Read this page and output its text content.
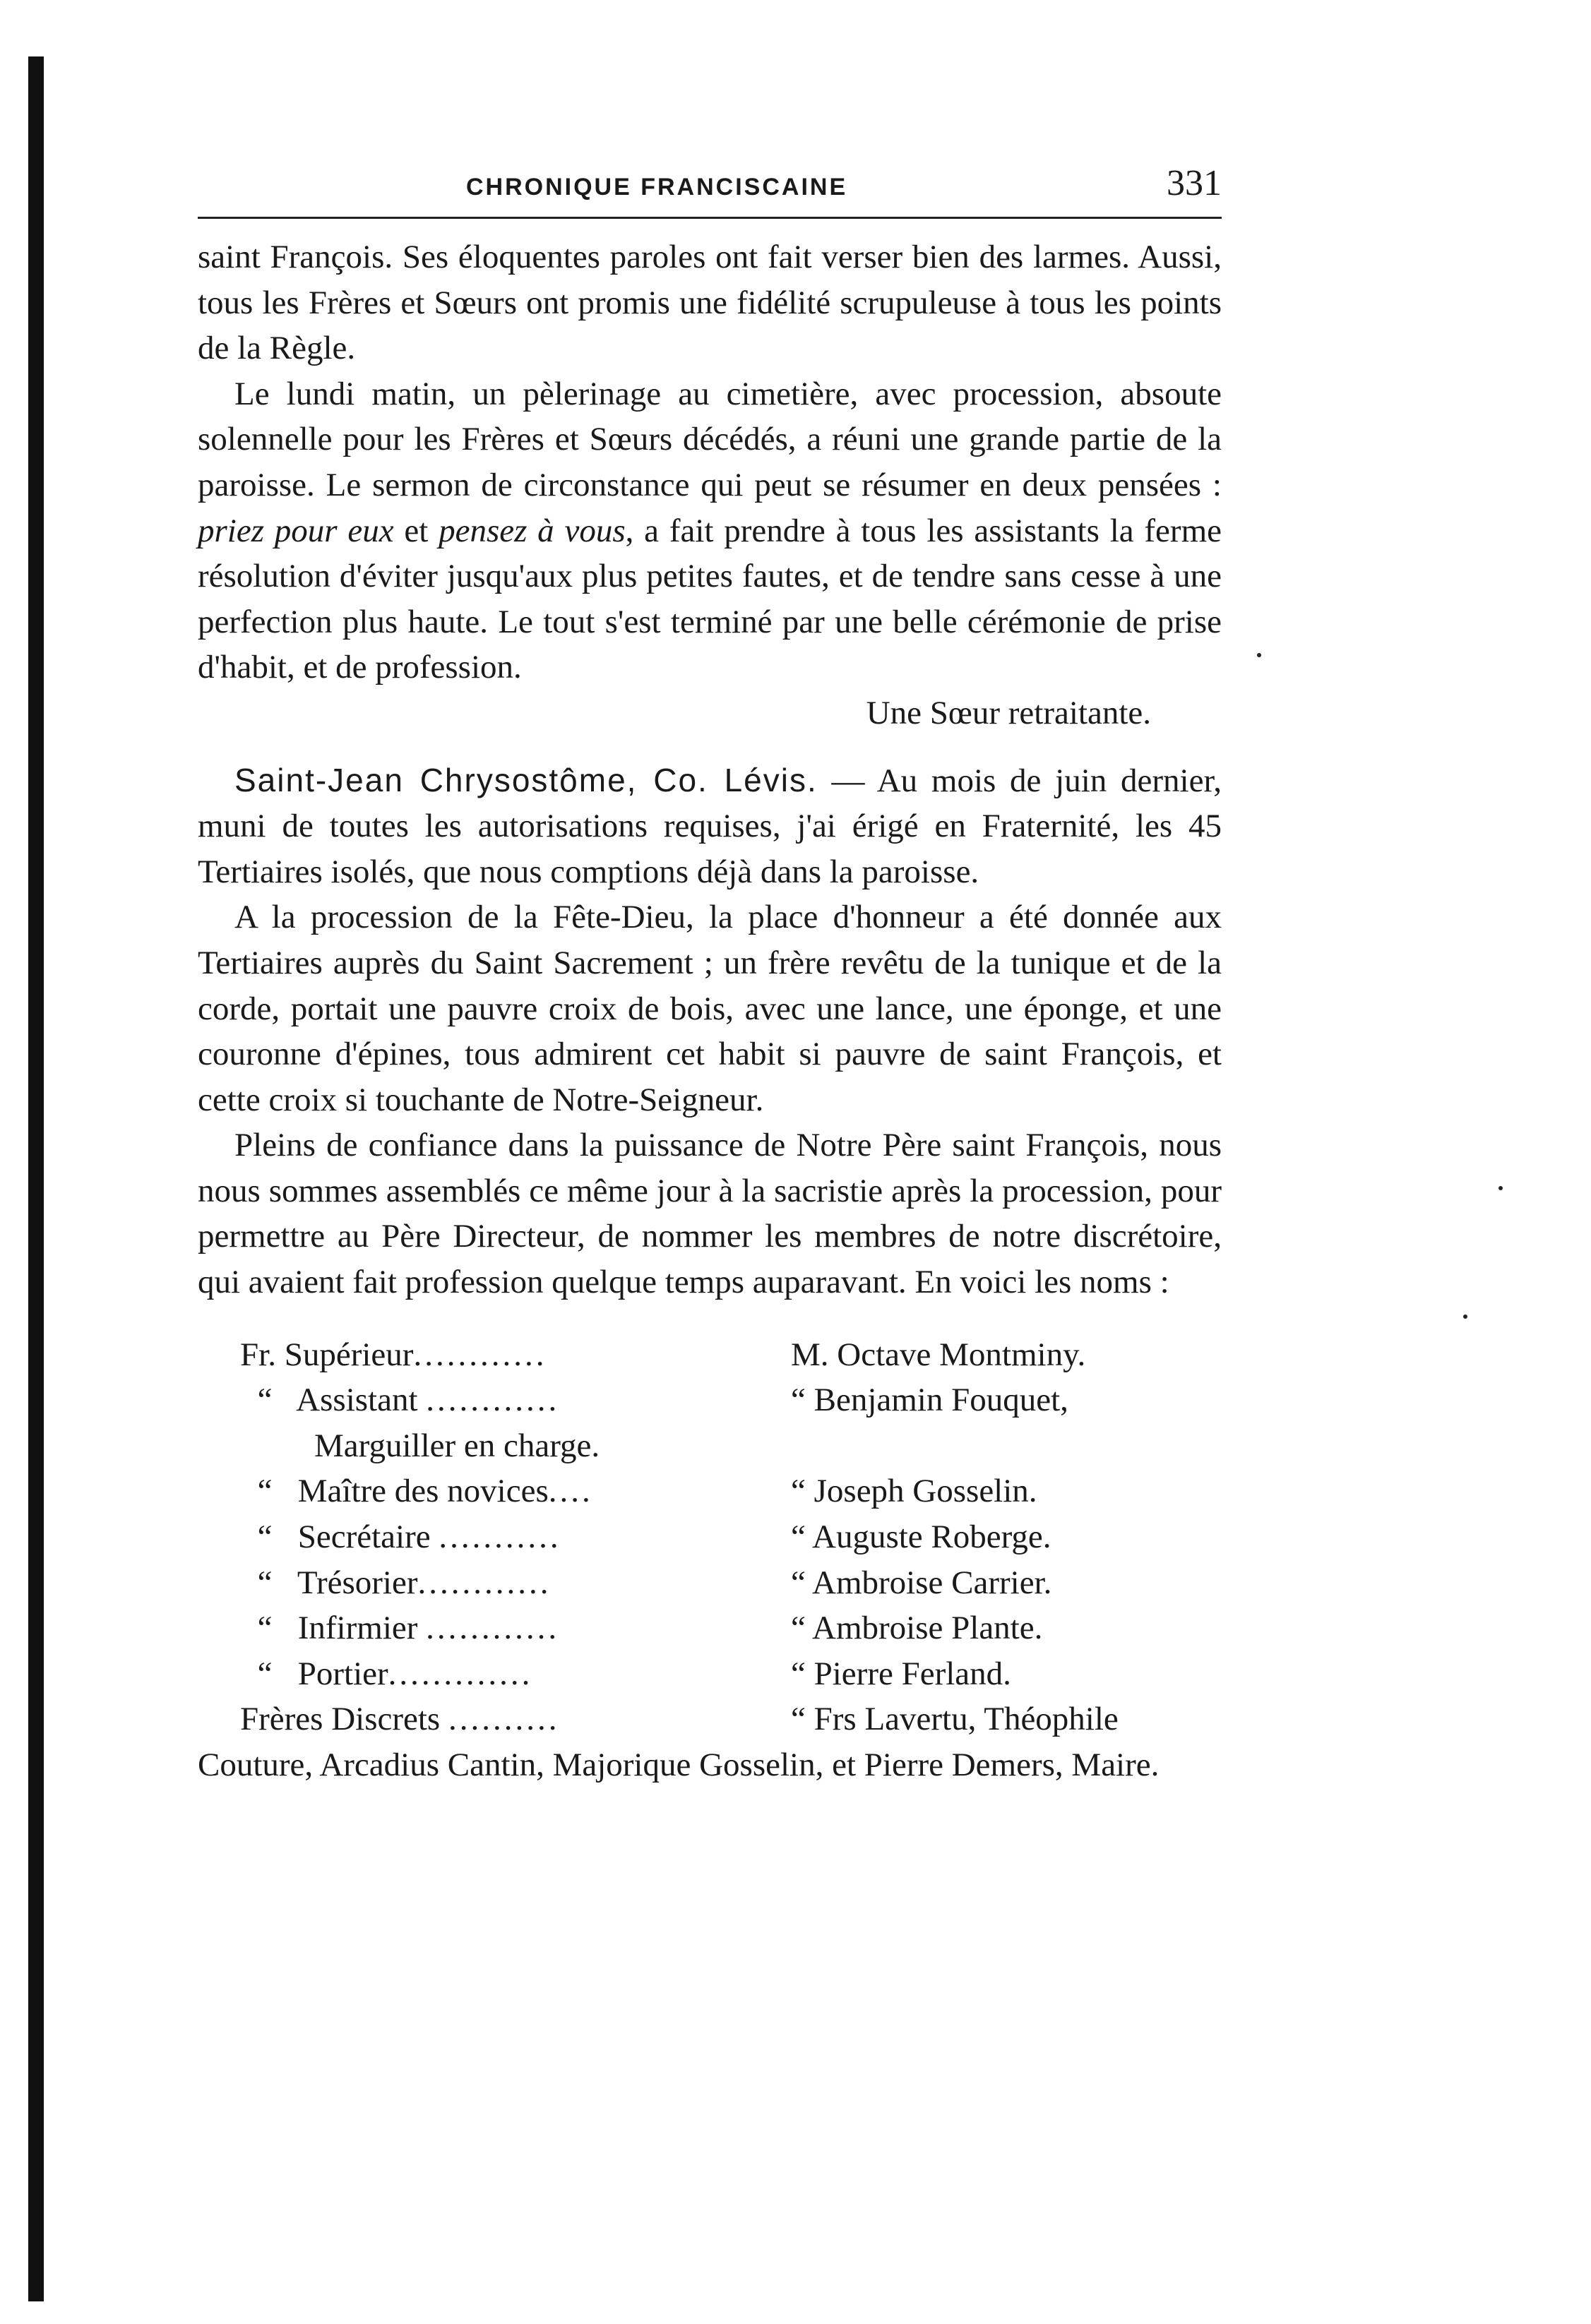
CHRONIQUE FRANCISCAINE	331

saint François. Ses éloquentes paroles ont fait verser bien des larmes. Aussi, tous les Frères et Sœurs ont promis une fidélité scrupuleuse à tous les points de la Règle.

Le lundi matin, un pèlerinage au cimetière, avec procession, absoute solennelle pour les Frères et Sœurs décédés, a réuni une grande partie de la paroisse. Le sermon de circonstance qui peut se résumer en deux pensées : priez pour eux et pensez à vous, a fait prendre à tous les assistants la ferme résolution d'éviter jusqu'aux plus petites fautes, et de tendre sans cesse à une perfection plus haute. Le tout s'est terminé par une belle cérémonie de prise d'habit, et de profession.

Une Sœur retraitante.

Saint-Jean Chrysostôme, Co. Lévis. — Au mois de juin dernier, muni de toutes les autorisations requises, j'ai érigé en Fraternité, les 45 Tertiaires isolés, que nous comptions déjà dans la paroisse.

A la procession de la Fête-Dieu, la place d'honneur a été donnée aux Tertiaires auprès du Saint Sacrement ; un frère revêtu de la tunique et de la corde, portait une pauvre croix de bois, avec une lance, une éponge, et une couronne d'épines, tous admirent cet habit si pauvre de saint François, et cette croix si touchante de Notre-Seigneur.

Pleins de confiance dans la puissance de Notre Père saint François, nous nous sommes assemblés ce même jour à la sacristie après la procession, pour permettre au Père Directeur, de nommer les membres de notre discrétoire, qui avaient fait profession quelque temps auparavant. En voici les noms :

Fr. Supérieur............	M. Octave Montminy.
“ Assistant ............	“ Benjamin Fouquet,
Marguiller en charge.
“ Maître des novices....	“ Joseph Gosselin.
“ Secrétaire ...........	“ Auguste Roberge.
“ Trésorier............	“ Ambroise Carrier.
“ Infirmier ............	“ Ambroise Plante.
“ Portier.............	“ Pierre Ferland.
Frères Discrets ..........	“ Frs Lavertu, Théophile

Couture, Arcadius Cantin, Majorique Gosselin, et Pierre Demers, Maire.
